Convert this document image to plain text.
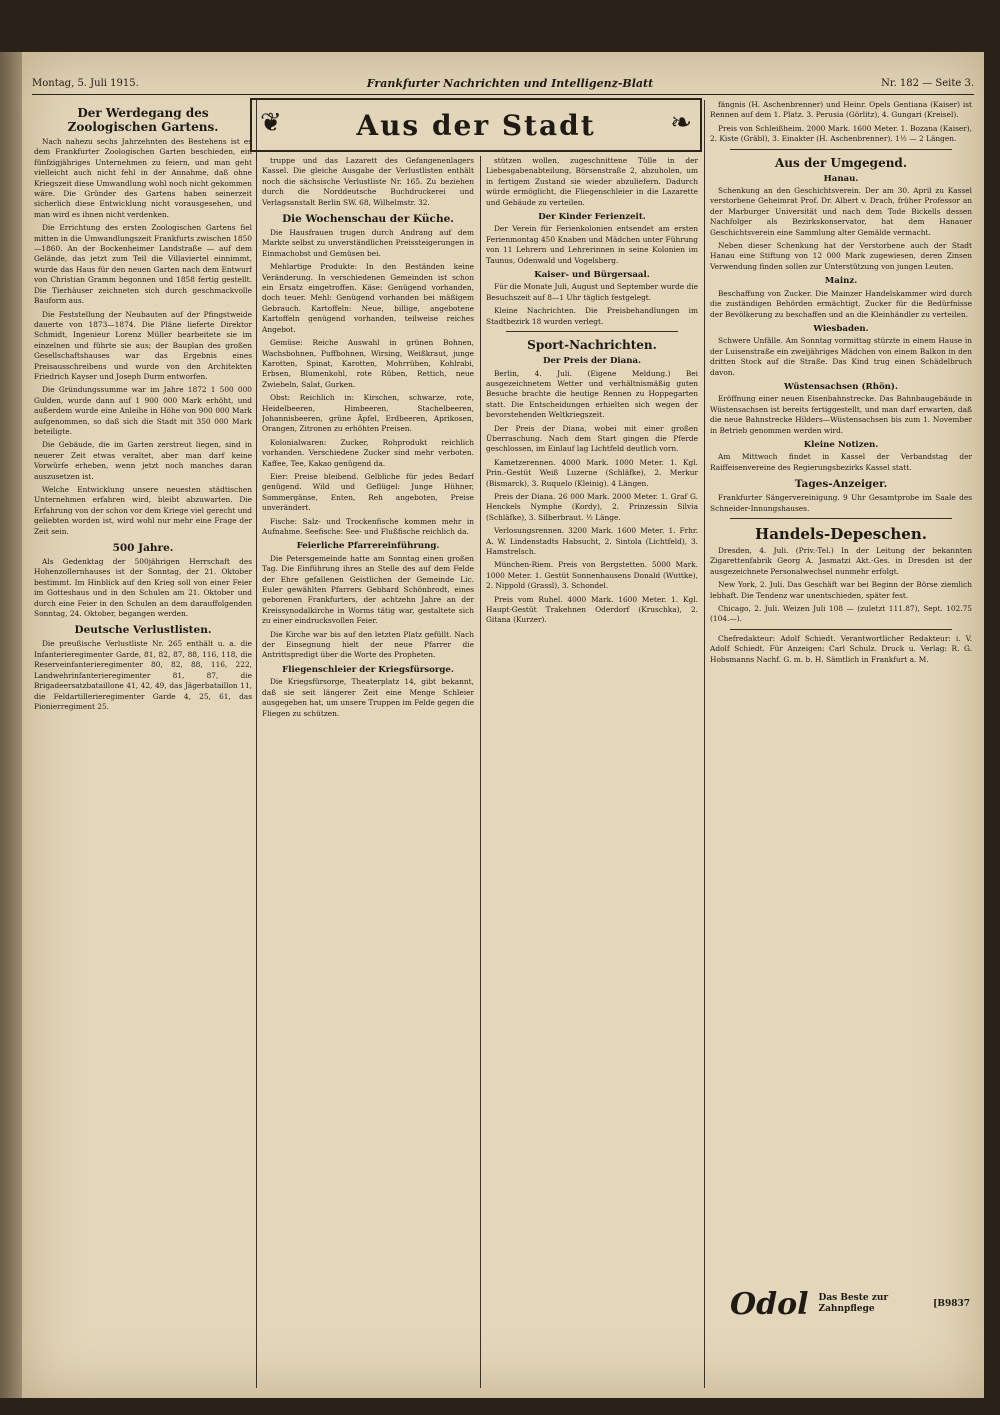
Montag, 5. Juli 1915.	Frankfurter Nachrichten und Intelligenz-Blatt	Nr. 182 — Seite 3.
Der Werdegang des Zoologischen Gartens.

Nach nahezu sechs Jahrzehnten des Bestehens ist es dem Frankfurter Zoologischen Garten beschieden, ein fünfzigjähriges Unternehmen zu feiern, und man geht vielleicht auch nicht fehl in der Annahme, daß ohne Kriegszeit diese Umwandlung wohl noch nicht gekommen wäre. Die Gründer des Gartens haben seinerzeit sicherlich diese Entwicklung nicht vorausgesehen, und man wird es ihnen nicht verdenken.

Die Errichtung des ersten Zoologischen Gartens fiel mitten in die Umwandlungszeit Frankfurts zwischen 1850—1860. An der Bockenheimer Landstraße — auf dem Gelände, das jetzt zum Teil die Villaviertel einnimmt, wurde das Haus für den neuen Garten nach dem Entwurf von Christian Gramm begonnen und 1858 fertig gestellt. Die Tierhäuser zeichneten sich durch geschmackvolle Bauform aus.

Die Feststellung der Neubauten auf der Pfingstweide dauerte von 1873—1874. Die Pläne lieferte Direktor Schmidt, Ingenieur Lorenz Müller bearbeitete sie im einzelnen und führte sie aus; der Bauplan des großen Gesellschaftshauses war das Ergebnis eines Preisausschreibens und wurde von den Architekten Friedrich Kayser und Joseph Durm entworfen.

Die Gründungssumme war im Jahre 1872 1 500 000 Gulden, wurde dann auf 1 900 000 Mark erhöht, und außerdem wurde eine Anleihe in Höhe von 900 000 Mark aufgenommen, so daß sich die Stadt mit 350 000 Mark beteiligte.

Die Gebäude, die im Garten zerstreut liegen, sind in neuerer Zeit etwas veraltet, aber man darf keine Vorwürfe erheben, wenn jetzt noch manches daran auszusetzen ist.

Welche Entwicklung unsere neuesten städtischen Unternehmen erfahren wird, bleibt abzuwarten. Die Erfahrung von der schon vor dem Kriege viel gerecht und geliebten worden ist, wird wohl nur mehr eine Frage der Zeit sein.

500 Jahre.

Als Gedenktag der 500jährigen Herrschaft des Hohenzollernhauses ist der Sonntag, der 21. Oktober bestimmt. Im Hinblick auf den Krieg soll von einer Feier im Gotteshaus und in den Schulen am 21. Oktober und durch eine Feier in den Schulen an dem darauffolgenden Sonntag, 24. Oktober, begangen werden.

Deutsche Verlustlisten.

Die preußische Verlustliste Nr. 265 enthält u. a. die Infanterieregimenter Garde, 81, 82, 87, 88, 116, 118, die Reserveinfanterieregimenter 80, 82, 88, 116, 222, Landwehrinfanterieregimenter 81, 87, die Brigadeersatzbataillone 41, 42, 49, das Jägerbataillon 11, die Feldartillerieregimenter Garde 4, 25, 61, das Pionierregiment 25.

❦	Aus der Stadt	❧

truppe und das Lazarett des Gefangenenlagers Kassel. Die gleiche Ausgabe der Verlustlisten enthält noch die sächsische Verlustliste Nr. 165. Zu beziehen durch die Norddeutsche Buchdruckerei und Verlagsanstalt Berlin SW. 68, Wilhelmstr. 32.

Die Wochenschau der Küche.

Die Hausfrauen trugen durch Andrang auf dem Markte selbst zu unverständlichen Preissteigerungen in Einmachobst und Gemüsen bei.

Mehlartige Produkte: In den Beständen keine Veränderung. In verschiedenen Gemeinden ist schon ein Ersatz eingetroffen. Käse: Genügend vorhanden, doch teuer. Mehl: Genügend vorhanden bei mäßigem Gebrauch. Kartoffeln: Neue, billige, angebotene Kartoffeln genügend vorhanden, teilweise reiches Angebot.

Gemüse: Reiche Auswahl in grünen Bohnen, Wachsbohnen, Puffbohnen, Wirsing, Weißkraut, junge Karotten, Spinat, Karotten, Mohrrüben, Kohlrabi, Erbsen, Blumenkohl, rote Rüben, Rettich, neue Zwiebeln, Salat, Gurken.

Obst: Reichlich in: Kirschen, schwarze, rote, Heidelbeeren, Himbeeren, Stachelbeeren, Johannisbeeren, grüne Äpfel, Erdbeeren, Aprikosen, Orangen, Zitronen zu erhöhten Preisen.

Kolonialwaren: Zucker, Rohprodukt reichlich vorhanden. Verschiedene Zucker sind mehr verboten. Kaffee, Tee, Kakao genügend da.

Eier: Preise bleibend. Gelbliche für jedes Bedarf genügend. Wild und Geflügel: Junge Hühner, Sommergänse, Enten, Reh angeboten, Preise unverändert.

Fische: Salz- und Trockenfische kommen mehr in Aufnahme. Seefische: See- und Flußfische reichlich da.

Feierliche Pfarrereinführung.

Die Petersgemeinde hatte am Sonntag einen großen Tag. Die Einführung ihres an Stelle des auf dem Felde der Ehre gefallenen Geistlichen der Gemeinde Lic. Euler gewählten Pfarrers Gebhard Schönbrodt, eines geborenen Frankfurters, der achtzehn Jahre an der Kreissynodalkirche in Worms tätig war, gestaltete sich zu einer eindrucksvollen Feier.

Die Kirche war bis auf den letzten Platz gefüllt. Nach der Einsegnung hielt der neue Pfarrer die Antrittspredigt über die Worte des Propheten.

Fliegenschleier der Kriegsfürsorge.

Die Kriegsfürsorge, Theaterplatz 14, gibt bekannt, daß sie seit längerer Zeit eine Menge Schleier ausgegeben hat, um unsere Truppen im Felde gegen die Fliegen zu schützen.

stützen wollen, zugeschnittene Tülle in der Liebesgabenabteilung, Börsenstraße 2, abzuholen, um in fertigem Zustand sie wieder abzuliefern. Dadurch würde ermöglicht, die Fliegenschleier in die Lazarette und Gebäude zu verteilen.

Der Kinder Ferienzeit.

Der Verein für Ferienkolonien entsendet am ersten Ferienmontag 450 Knaben und Mädchen unter Führung von 11 Lehrern und Lehrerinnen in seine Kolonien im Taunus, Odenwald und Vogelsberg.

Kaiser- und Bürgersaal.

Für die Monate Juli, August und September wurde die Besuchszeit auf 8—1 Uhr täglich festgelegt.

Kleine Nachrichten. Die Preisbehandlungen im Stadtbezirk 18 wurden verlegt.

Sport-Nachrichten.
Der Preis der Diana.

Berlin, 4. Juli. (Eigene Meldung.) Bei ausgezeichnetem Wetter und verhältnismäßig guten Besuche brachte die heutige Rennen zu Hoppegarten statt. Die Entscheidungen erhielten sich wegen der bevorstehenden Weltkriegszeit.

Der Preis der Diana, wobei mit einer großen Überraschung. Nach dem Start gingen die Pferde geschlossen, im Einlauf lag Lichtfeld deutlich vorn.

Kametzerennen. 4000 Mark. 1000 Meter. 1. Kgl. Prin.-Gestüt Weiß Luzerne (Schläfke), 2. Merkur (Bismarck), 3. Ruquelo (Kleinig). 4 Längen.

Preis der Diana. 26 000 Mark. 2000 Meter. 1. Graf G. Henckels Nymphe (Kordy), 2. Prinzessin Silvia (Schläfke), 3. Silberbraut. ½ Länge.

Verlosungsrennen. 3200 Mark. 1600 Meter. 1. Frhr. A. W. Lindenstadts Habsucht, 2. Sintola (Lichtfeld), 3. Hamstrelsch.

München-Riem. Preis von Bergstetten. 5000 Mark. 1000 Meter. 1. Gestüt Sonnenhausens Donald (Wuttke), 2. Nippold (Grassl), 3. Schondel.

Preis vom Ruhel. 4000 Mark. 1600 Meter. 1. Kgl. Haupt-Gestüt Trakehnen Oderdorf (Kruschka), 2. Gitana (Kurzer).

fängnis (H. Aschenbrenner) und Heinr. Opels Gentiana (Kaiser) ist Rennen auf dem 1. Platz. 3. Perusia (Görlitz), 4. Gungari (Kreisel).

Preis von Schleißheim. 2000 Mark. 1600 Meter. 1. Bozana (Kaiser), 2. Kiste (Gräbl), 3. Einakter (H. Aschenbrenner). 1½ — 2 Längen.

Aus der Umgegend.
Hanau.

Schenkung an den Geschichtsverein. Der am 30. April zu Kassel verstorbene Geheimrat Prof. Dr. Albert v. Drach, früher Professor an der Marburger Universität und nach dem Tode Bickells dessen Nachfolger als Bezirkskonservator, hat dem Hanauer Geschichtsverein eine Sammlung alter Gemälde vermacht.

Neben dieser Schenkung hat der Verstorbene auch der Stadt Hanau eine Stiftung von 12 000 Mark zugewiesen, deren Zinsen Verwendung finden sollen zur Unterstützung von jungen Leuten.

Mainz.

Beschaffung von Zucker. Die Mainzer Handelskammer wird durch die zuständigen Behörden ermächtigt, Zucker für die Bedürfnisse der Bevölkerung zu beschaffen und an die Kleinhändler zu verteilen.

Wiesbaden.

Schwere Unfälle. Am Sonntag vormittag stürzte in einem Hause in der Luisenstraße ein zweijähriges Mädchen von einem Balkon in den dritten Stock auf die Straße. Das Kind trug einen Schädelbruch davon.

Wüstensachsen (Rhön).

Eröffnung einer neuen Eisenbahnstrecke. Das Bahnbaugebäude in Wüstensachsen ist bereits fertiggestellt, und man darf erwarten, daß die neue Bahnstrecke Hilders—Wüstensachsen bis zum 1. November in Betrieb genommen werden wird.

Kleine Notizen.

Am Mittwoch findet in Kassel der Verbandstag der Raiffeisenvereine des Regierungsbezirks Kassel statt.

Tages-Anzeiger.

Frankfurter Sängervereinigung. 9 Uhr Gesamtprobe im Saale des Schneider-Innungshauses.

Handels-Depeschen.

Dresden, 4. Juli. (Priv.-Tel.) In der Leitung der bekannten Zigarettenfabrik Georg A. Jasmatzi Akt.-Ges. in Dresden ist der ausgezeichnete Personalwechsel nunmehr erfolgt.

New York, 2. Juli. Das Geschäft war bei Beginn der Börse ziemlich lebhaft. Die Tendenz war unentschieden, später fest.

Chicago, 2. Juli. Weizen Juli 108 — (zuletzt 111.87), Sept. 102.75 (104.—).

Chefredakteur: Adolf Schiedt. Verantwortlicher Redakteur: i. V. Adolf Schiedt. Für Anzeigen: Carl Schulz. Druck u. Verlag: R. G. Hobsmanns Nachf. G. m. b. H. Sämtlich in Frankfurt a. M.

Odol Das Beste zur Zahnpflege
[B9837
